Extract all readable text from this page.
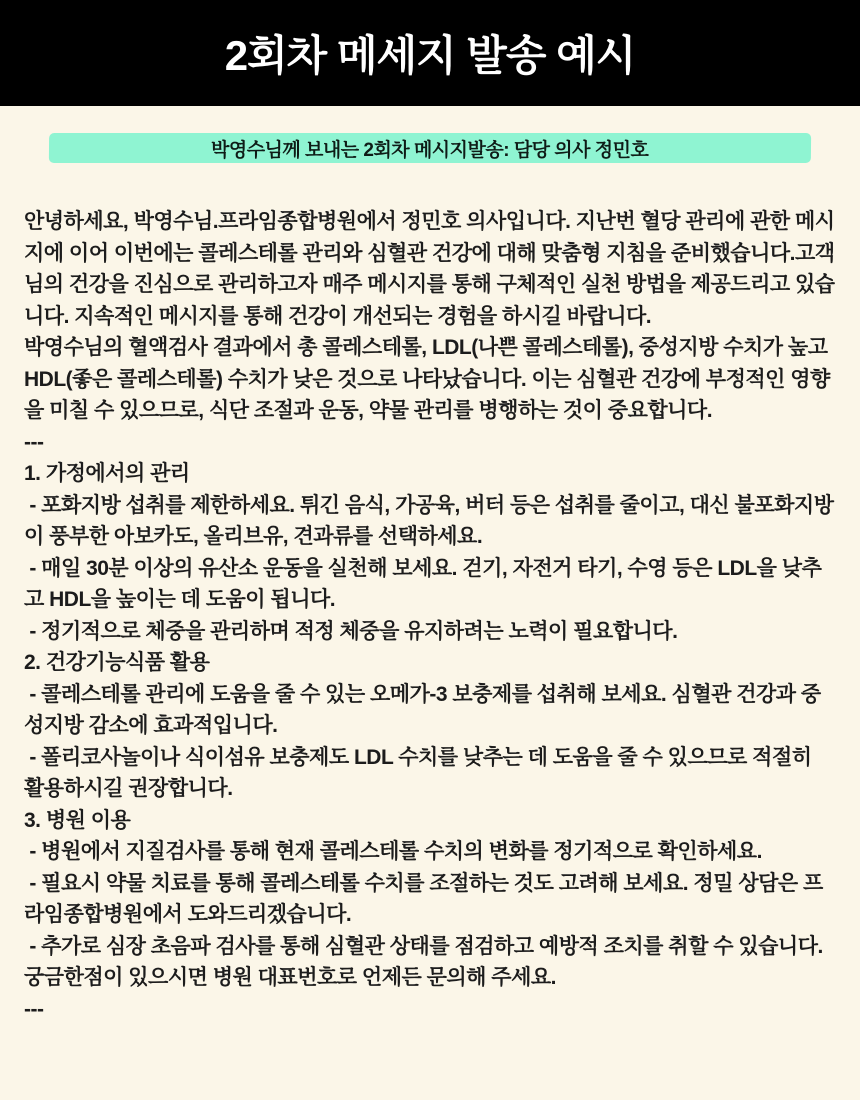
2회차 메세지 발송 예시
박영수님께 보내는 2회차 메시지발송: 담당 의사 정민호

안녕하세요, 박영수님.프라임종합병원에서 정민호 의사입니다. 지난번 혈당 관리에 관한 메시지에 이어 이번에는 콜레스테롤 관리와 심혈관 건강에 대해 맞춤형 지침을 준비했습니다.고객님의 건강을 진심으로 관리하고자 매주 메시지를 통해 구체적인 실천 방법을 제공드리고 있습니다. 지속적인 메시지를 통해 건강이 개선되는 경험을 하시길 바랍니다.

박영수님의 혈액검사 결과에서 총 콜레스테롤, LDL(나쁜 콜레스테롤), 중성지방 수치가 높고 HDL(좋은 콜레스테롤) 수치가 낮은 것으로 나타났습니다. 이는 심혈관 건강에 부정적인 영향을 미칠 수 있으므로, 식단 조절과 운동, 약물 관리를 병행하는 것이 중요합니다.

---

1. 가정에서의 관리

- 포화지방 섭취를 제한하세요. 튀긴 음식, 가공육, 버터 등은 섭취를 줄이고, 대신 불포화지방이 풍부한 아보카도, 올리브유, 견과류를 선택하세요.

- 매일 30분 이상의 유산소 운동을 실천해 보세요. 걷기, 자전거 타기, 수영 등은 LDL을 낮추고 HDL을 높이는 데 도움이 됩니다.

- 정기적으로 체중을 관리하며 적정 체중을 유지하려는 노력이 필요합니다.

2. 건강기능식품 활용

- 콜레스테롤 관리에 도움을 줄 수 있는 오메가-3 보충제를 섭취해 보세요. 심혈관 건강과 중성지방 감소에 효과적입니다.

- 폴리코사놀이나 식이섬유 보충제도 LDL 수치를 낮추는 데 도움을 줄 수 있으므로 적절히 활용하시길 권장합니다.

3. 병원 이용

- 병원에서 지질검사를 통해 현재 콜레스테롤 수치의 변화를 정기적으로 확인하세요.

- 필요시 약물 치료를 통해 콜레스테롤 수치를 조절하는 것도 고려해 보세요. 정밀 상담은 프라임종합병원에서 도와드리겠습니다.

- 추가로 심장 초음파 검사를 통해 심혈관 상태를 점검하고 예방적 조치를 취할 수 있습니다.궁금한점이 있으시면 병원 대표번호로 언제든 문의해 주세요.

---
